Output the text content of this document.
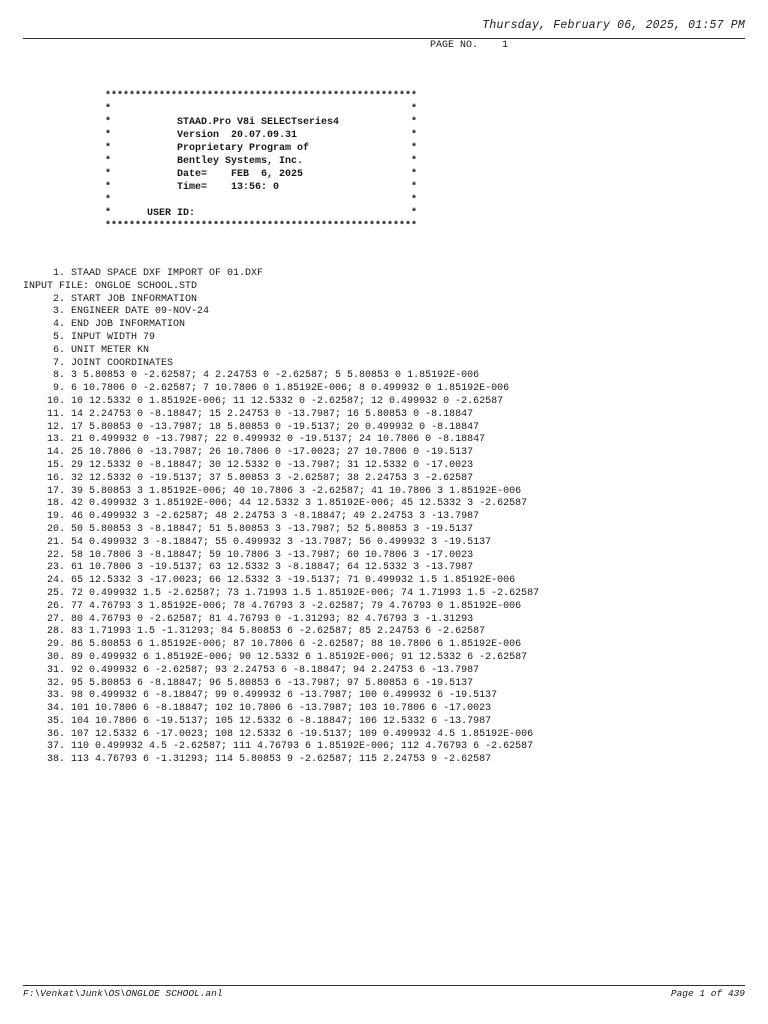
Thursday, February 06, 2025, 01:57 PM
PAGE NO.    1
****************************************************
*                                                  *
*           STAAD.Pro V8i SELECTseries4            *
*           Version  20.07.09.31                   *
*           Proprietary Program of                 *
*           Bentley Systems, Inc.                  *
*           Date=    FEB  6, 2025                  *
*           Time=    13:56: 0                      *
*                                                  *
*      USER ID:                                    *
****************************************************
1. STAAD SPACE DXF IMPORT OF 01.DXF
INPUT FILE: ONGLOE SCHOOL.STD
2. START JOB INFORMATION
3. ENGINEER DATE 09-NOV-24
4. END JOB INFORMATION
5. INPUT WIDTH 79
6. UNIT METER KN
7. JOINT COORDINATES
8. 3 5.80853 0 -2.62587; 4 2.24753 0 -2.62587; 5 5.80853 0 1.85192E-006
9. 6 10.7806 0 -2.62587; 7 10.7806 0 1.85192E-006; 8 0.499932 0 1.85192E-006
10. 10 12.5332 0 1.85192E-006; 11 12.5332 0 -2.62587; 12 0.499932 0 -2.62587
11. 14 2.24753 0 -8.18847; 15 2.24753 0 -13.7987; 16 5.80853 0 -8.18847
12. 17 5.80853 0 -13.7987; 18 5.80853 0 -19.5137; 20 0.499932 0 -8.18847
13. 21 0.499932 0 -13.7987; 22 0.499932 0 -19.5137; 24 10.7806 0 -8.18847
14. 25 10.7806 0 -13.7987; 26 10.7806 0 -17.0023; 27 10.7806 0 -19.5137
15. 29 12.5332 0 -8.18847; 30 12.5332 0 -13.7987; 31 12.5332 0 -17.0023
16. 32 12.5332 0 -19.5137; 37 5.80853 3 -2.62587; 38 2.24753 3 -2.62587
17. 39 5.80853 3 1.85192E-006; 40 10.7806 3 -2.62587; 41 10.7806 3 1.85192E-006
18. 42 0.499932 3 1.85192E-006; 44 12.5332 3 1.85192E-006; 45 12.5332 3 -2.62587
19. 46 0.499932 3 -2.62587; 48 2.24753 3 -8.18847; 49 2.24753 3 -13.7987
20. 50 5.80853 3 -8.18847; 51 5.80853 3 -13.7987; 52 5.80853 3 -19.5137
21. 54 0.499932 3 -8.18847; 55 0.499932 3 -13.7987; 56 0.499932 3 -19.5137
22. 58 10.7806 3 -8.18847; 59 10.7806 3 -13.7987; 60 10.7806 3 -17.0023
23. 61 10.7806 3 -19.5137; 63 12.5332 3 -8.18847; 64 12.5332 3 -13.7987
24. 65 12.5332 3 -17.0023; 66 12.5332 3 -19.5137; 71 0.499932 1.5 1.85192E-006
25. 72 0.499932 1.5 -2.62587; 73 1.71993 1.5 1.85192E-006; 74 1.71993 1.5 -2.62587
26. 77 4.76793 3 1.85192E-006; 78 4.76793 3 -2.62587; 79 4.76793 0 1.85192E-006
27. 80 4.76793 0 -2.62587; 81 4.76793 0 -1.31293; 82 4.76793 3 -1.31293
28. 83 1.71993 1.5 -1.31293; 84 5.80853 6 -2.62587; 85 2.24753 6 -2.62587
29. 86 5.80853 6 1.85192E-006; 87 10.7806 6 -2.62587; 88 10.7806 6 1.85192E-006
30. 89 0.499932 6 1.85192E-006; 90 12.5332 6 1.85192E-006; 91 12.5332 6 -2.62587
31. 92 0.499932 6 -2.62587; 93 2.24753 6 -8.18847; 94 2.24753 6 -13.7987
32. 95 5.80853 6 -8.18847; 96 5.80853 6 -13.7987; 97 5.80853 6 -19.5137
33. 98 0.499932 6 -8.18847; 99 0.499932 6 -13.7987; 100 0.499932 6 -19.5137
34. 101 10.7806 6 -8.18847; 102 10.7806 6 -13.7987; 103 10.7806 6 -17.0023
35. 104 10.7806 6 -19.5137; 105 12.5332 6 -8.18847; 106 12.5332 6 -13.7987
36. 107 12.5332 6 -17.0023; 108 12.5332 6 -19.5137; 109 0.499932 4.5 1.85192E-006
37. 110 0.499932 4.5 -2.62587; 111 4.76793 6 1.85192E-006; 112 4.76793 6 -2.62587
38. 113 4.76793 6 -1.31293; 114 5.80853 9 -2.62587; 115 2.24753 9 -2.62587
F:\Venkat\Junk\OS\ONGLOE SCHOOL.anl	Page 1 of 439
